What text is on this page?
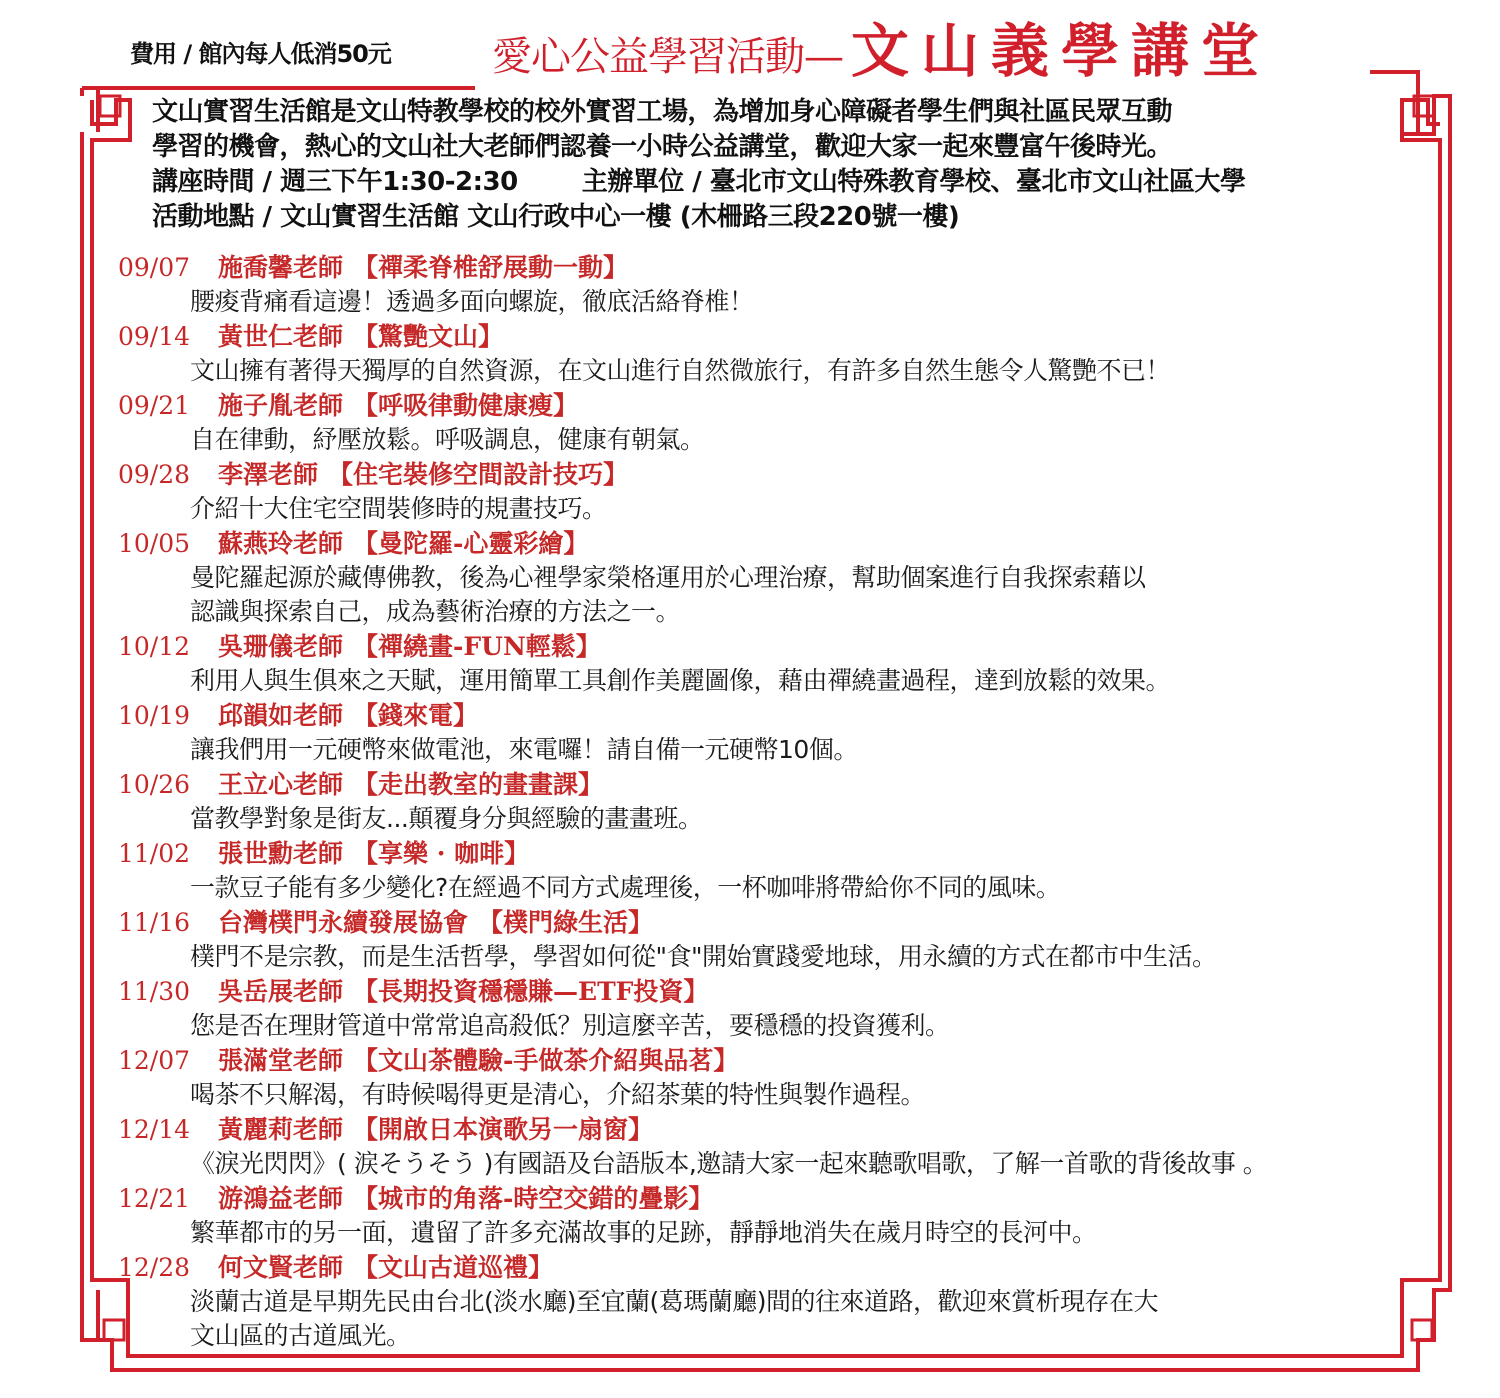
費用 / 館內每人低消50元	愛心公益學習活動— 文山義學講堂

文山實習生活館是文山特教學校的校外實習工場，為增加身心障礙者學生們與社區民眾互動

學習的機會，熱心的文山社大老師們認養一小時公益講堂，歡迎大家一起來豐富午後時光。

講座時間 / 週三下午1:30-2:30 主辦單位 / 臺北市文山特殊教育學校、臺北市文山社區大學

活動地點 / 文山實習生活館 文山行政中心一樓 (木柵路三段220號一樓)

09/07 施喬馨老師 【禪柔脊椎舒展動一動】
腰痠背痛看這邊！透過多面向螺旋，徹底活絡脊椎！
09/14 黃世仁老師 【驚艷文山】
文山擁有著得天獨厚的自然資源，在文山進行自然微旅行，有許多自然生態令人驚艷不已！
09/21 施子胤老師 【呼吸律動健康瘦】
自在律動，紓壓放鬆。呼吸調息，健康有朝氣。
09/28 李澤老師 【住宅裝修空間設計技巧】
介紹十大住宅空間裝修時的規畫技巧。
10/05 蘇燕玲老師 【曼陀羅-心靈彩繪】
曼陀羅起源於藏傳佛教，後為心裡學家榮格運用於心理治療，幫助個案進行自我探索藉以
認識與探索自己，成為藝術治療的方法之一。
10/12 吳珊儀老師 【禪繞畫-FUN輕鬆】
利用人與生俱來之天賦，運用簡單工具創作美麗圖像，藉由禪繞畫過程，達到放鬆的效果。
10/19 邱韻如老師 【錢來電】
讓我們用一元硬幣來做電池，來電囉！請自備一元硬幣10個。
10/26 王立心老師 【走出教室的畫畫課】
當教學對象是街友...顛覆身分與經驗的畫畫班。
11/02 張世勳老師 【享樂 · 咖啡】
一款豆子能有多少變化?在經過不同方式處理後，一杯咖啡將帶給你不同的風味。
11/16 台灣樸門永續發展協會 【樸門綠生活】
樸門不是宗教，而是生活哲學，學習如何從"食"開始實踐愛地球，用永續的方式在都市中生活。
11/30 吳岳展老師 【長期投資穩穩賺—ETF投資】
您是否在理財管道中常常追高殺低？別這麼辛苦，要穩穩的投資獲利。
12/07 張滿堂老師 【文山茶體驗-手做茶介紹與品茗】
喝茶不只解渴，有時候喝得更是清心，介紹茶葉的特性與製作過程。
12/14 黃麗莉老師 【開啟日本演歌另一扇窗】
《淚光閃閃》( 涙そうそう )有國語及台語版本,邀請大家一起來聽歌唱歌，了解一首歌的背後故事 。
12/21 游鴻益老師 【城市的角落-時空交錯的疊影】
繁華都市的另一面，遺留了許多充滿故事的足跡，靜靜地消失在歲月時空的長河中。
12/28 何文賢老師 【文山古道巡禮】
淡蘭古道是早期先民由台北(淡水廳)至宜蘭(葛瑪蘭廳)間的往來道路，歡迎來賞析現存在大
文山區的古道風光。
